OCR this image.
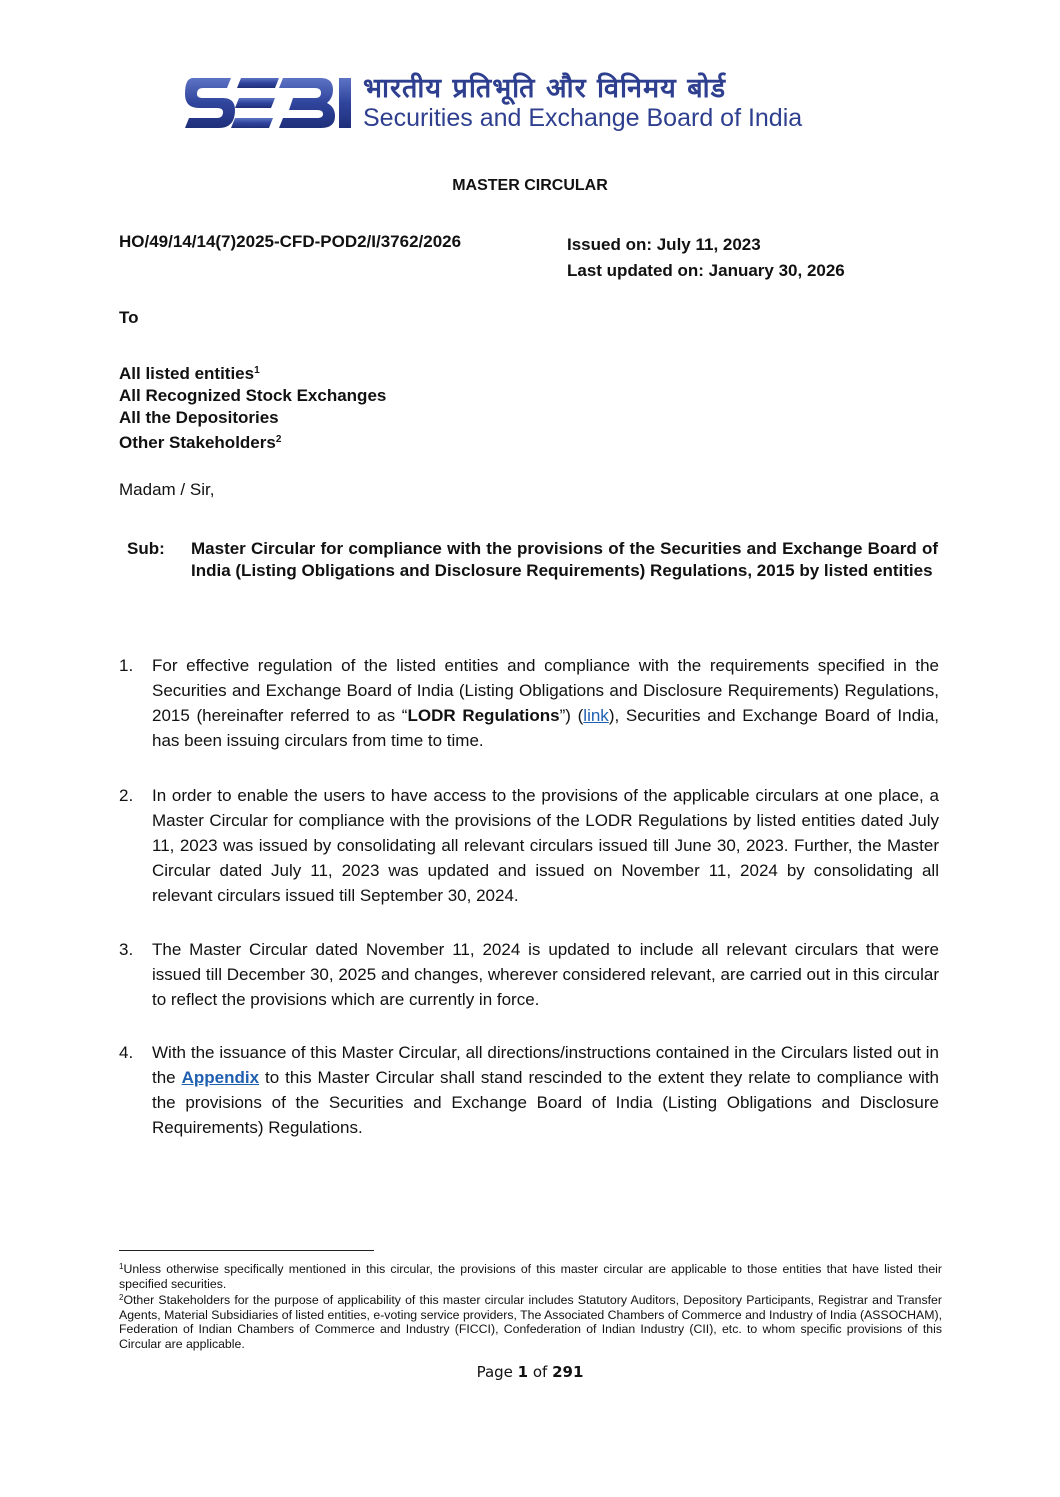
भारतीय प्रतिभूति और विनिमय बोर्ड
Securities and Exchange Board of India
MASTER CIRCULAR
HO/49/14/14(7)2025-CFD-POD2/I/3762/2026	Issued on: July 11, 2023
Last updated on: January 30, 2026
To
All listed entities$^1$
All Recognized Stock Exchanges
All the Depositories
Other Stakeholders$^2$
Madam / Sir,
Sub:	Master Circular for compliance with the provisions of the Securities and Exchange Board of India (Listing Obligations and Disclosure Requirements) Regulations, 2015 by listed entities
1.	For effective regulation of the listed entities and compliance with the requirements specified in the Securities and Exchange Board of India (Listing Obligations and Disclosure Requirements) Regulations, 2015 (hereinafter referred to as “LODR Regulations”) (link), Securities and Exchange Board of India, has been issuing circulars from time to time.
2.	In order to enable the users to have access to the provisions of the applicable circulars at one place, a Master Circular for compliance with the provisions of the LODR Regulations by listed entities dated July 11, 2023 was issued by consolidating all relevant circulars issued till June 30, 2023. Further, the Master Circular dated July 11, 2023 was updated and issued on November 11, 2024 by consolidating all relevant circulars issued till September 30, 2024.
3.	The Master Circular dated November 11, 2024 is updated to include all relevant circulars that were issued till December 30, 2025 and changes, wherever considered relevant, are carried out in this circular to reflect the provisions which are currently in force.
4.	With the issuance of this Master Circular, all directions/instructions contained in the Circulars listed out in the Appendix to this Master Circular shall stand rescinded to the extent they relate to compliance with the provisions of the Securities and Exchange Board of India (Listing Obligations and Disclosure Requirements) Regulations.
$^1$Unless otherwise specifically mentioned in this circular, the provisions of this master circular are applicable to those entities that have listed their specified securities.
$^2$Other Stakeholders for the purpose of applicability of this master circular includes Statutory Auditors, Depository Participants, Registrar and Transfer Agents, Material Subsidiaries of listed entities, e-voting service providers, The Associated Chambers of Commerce and Industry of India (ASSOCHAM), Federation of Indian Chambers of Commerce and Industry (FICCI), Confederation of Indian Industry (CII), etc. to whom specific provisions of this Circular are applicable.
Page 1 of 291
